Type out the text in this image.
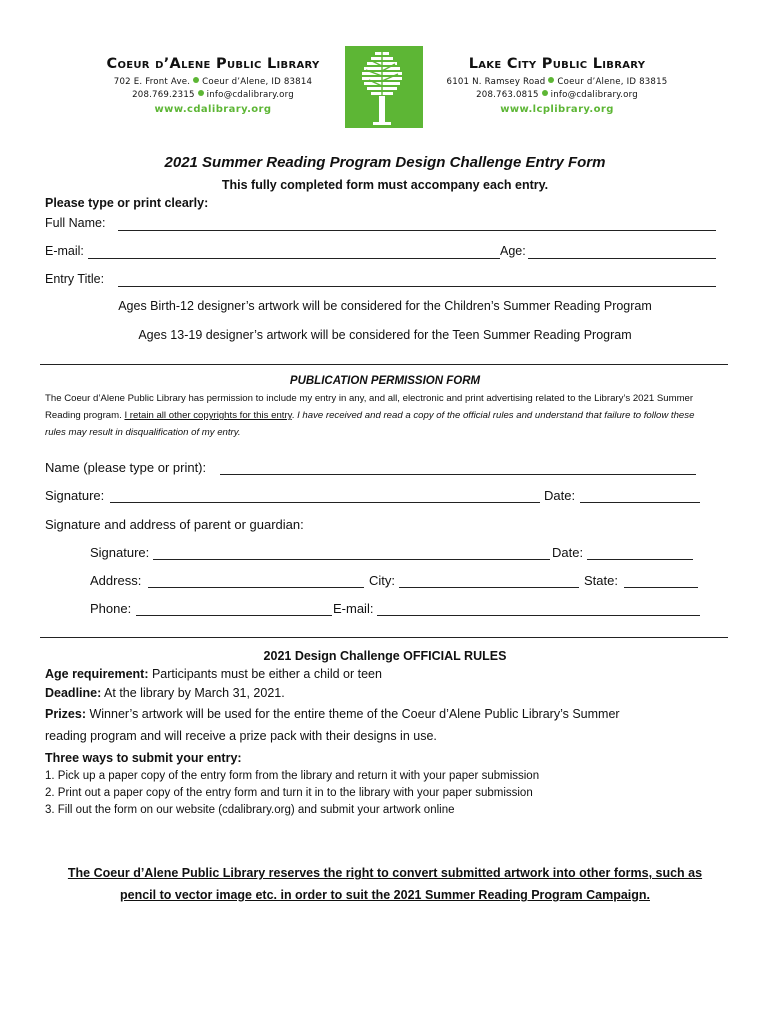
Coeur d’Alene Public Library
702 E. Front Ave. Coeur d’Alene, ID 83814
208.769.2315 info@cdalibrary.org
www.cdalibrary.org
Lake City Public Library
6101 N. Ramsey Road Coeur d’Alene, ID 83815
208.763.0815 info@cdalibrary.org
www.lcplibrary.org
2021 Summer Reading Program Design Challenge Entry Form
This fully completed form must accompany each entry.
Please type or print clearly:
Full Name:
E-mail:	Age:
Entry Title:
Ages Birth-12 designer’s artwork will be considered for the Children’s Summer Reading Program
Ages 13-19 designer’s artwork will be considered for the Teen Summer Reading Program
PUBLICATION PERMISSION FORM
The Coeur d’Alene Public Library has permission to include my entry in any, and all, electronic and print advertising related to the Library’s 2021 Summer Reading program. I retain all other copyrights for this entry. I have received and read a copy of the official rules and understand that failure to follow these rules may result in disqualification of my entry.
Name (please type or print):
Signature:	Date:
Signature and address of parent or guardian:
Signature:	Date:
Address:	City:	State:
Phone:	E-mail:
2021 Design Challenge OFFICIAL RULES
Age requirement: Participants must be either a child or teen
Deadline: At the library by March 31, 2021.
Prizes: Winner’s artwork will be used for the entire theme of the Coeur d’Alene Public Library’s Summer
reading program and will receive a prize pack with their designs in use.
Three ways to submit your entry:
1. Pick up a paper copy of the entry form from the library and return it with your paper submission
2. Print out a paper copy of the entry form and turn it in to the library with your paper submission
3. Fill out the form on our website (cdalibrary.org) and submit your artwork online
The Coeur d’Alene Public Library reserves the right to convert submitted artwork into other forms, such as
pencil to vector image etc. in order to suit the 2021 Summer Reading Program Campaign.
